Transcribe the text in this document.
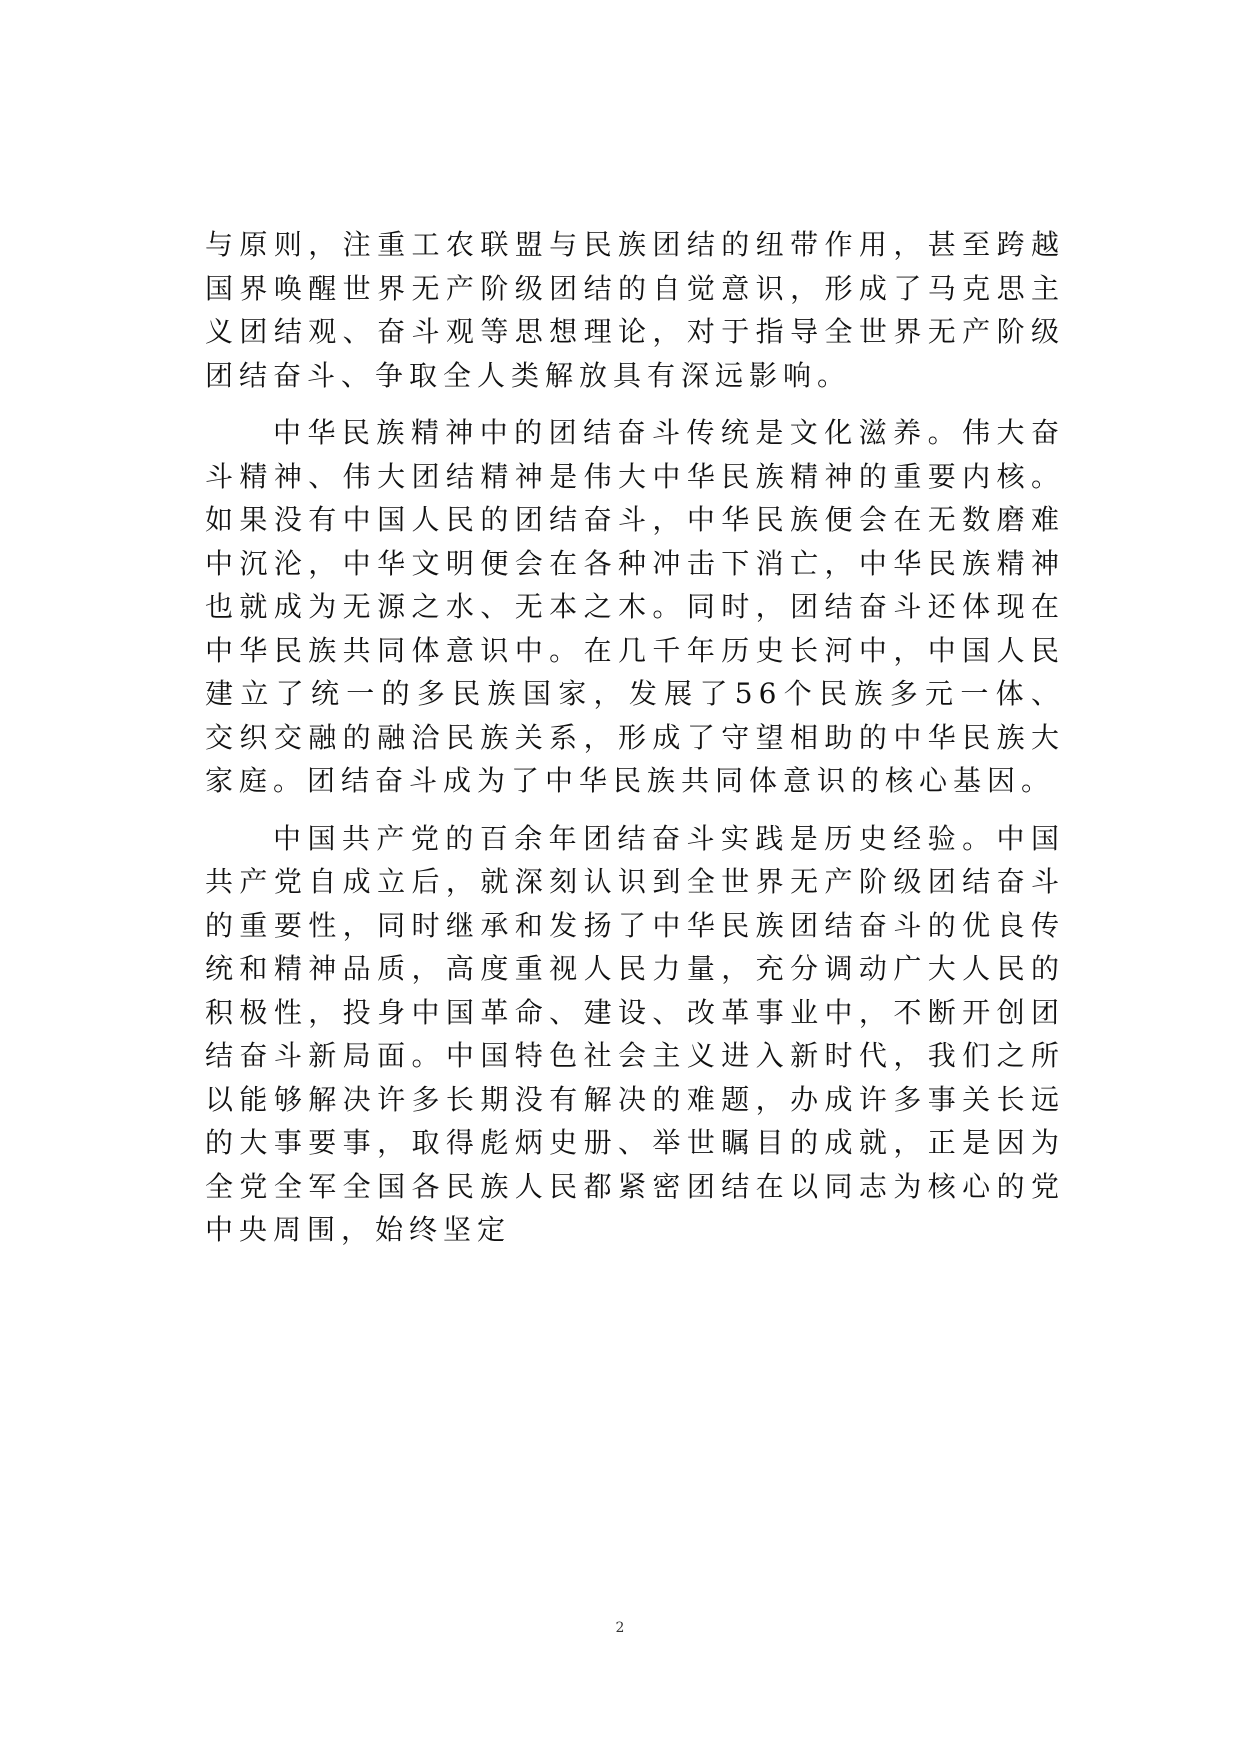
与原则，注重工农联盟与民族团结的纽带作用，甚至跨越国界唤醒世界无产阶级团结的自觉意识，形成了马克思主义团结观、奋斗观等思想理论，对于指导全世界无产阶级团结奋斗、争取全人类解放具有深远影响。

中华民族精神中的团结奋斗传统是文化滋养。伟大奋斗精神、伟大团结精神是伟大中华民族精神的重要内核。如果没有中国人民的团结奋斗，中华民族便会在无数磨难中沉沦，中华文明便会在各种冲击下消亡，中华民族精神也就成为无源之水、无本之木。同时，团结奋斗还体现在中华民族共同体意识中。在几千年历史长河中，中国人民建立了统一的多民族国家，发展了56个民族多元一体、交织交融的融洽民族关系，形成了守望相助的中华民族大家庭。团结奋斗成为了中华民族共同体意识的核心基因。

中国共产党的百余年团结奋斗实践是历史经验。中国共产党自成立后，就深刻认识到全世界无产阶级团结奋斗的重要性，同时继承和发扬了中华民族团结奋斗的优良传统和精神品质，高度重视人民力量，充分调动广大人民的积极性，投身中国革命、建设、改革事业中，不断开创团结奋斗新局面。中国特色社会主义进入新时代，我们之所以能够解决许多长期没有解决的难题，办成许多事关长远的大事要事，取得彪炳史册、举世瞩目的成就，正是因为全党全军全国各民族人民都紧密团结在以同志为核心的党中央周围，始终坚定

2
